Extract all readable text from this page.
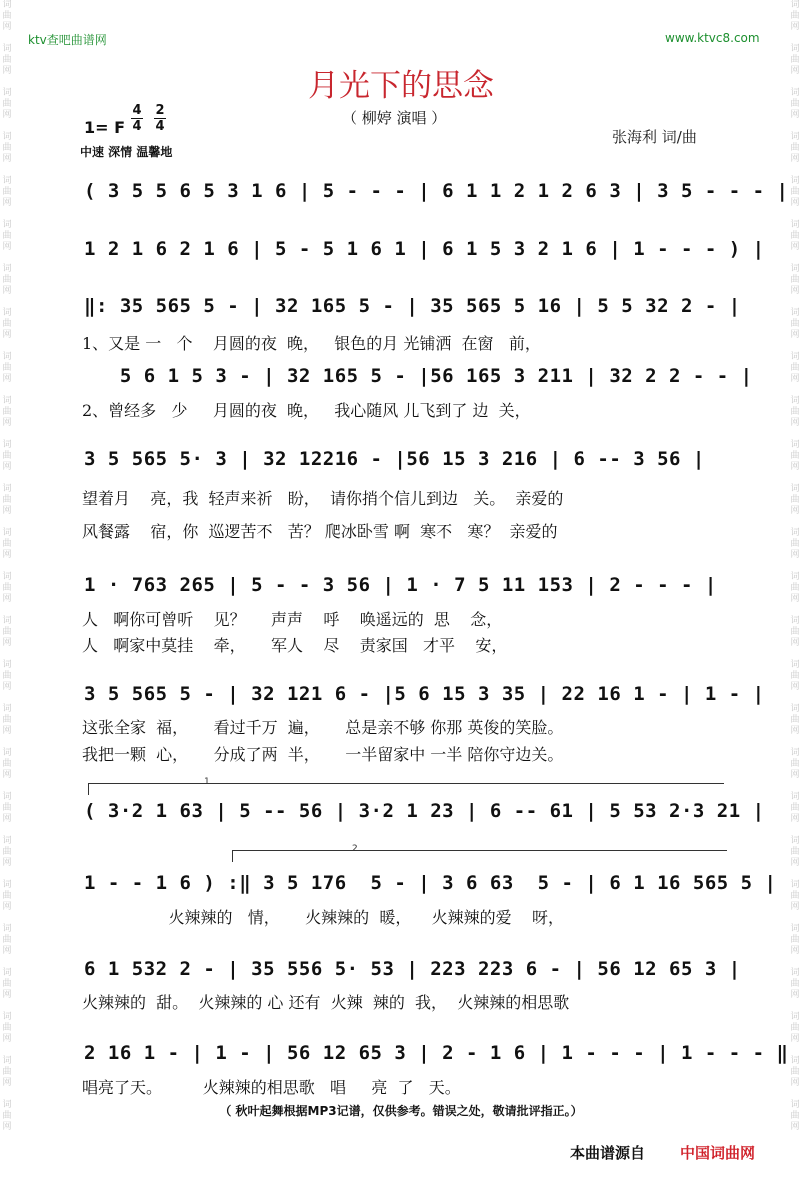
词
曲
网

词
曲
网

词
曲
网

词
曲
网

词
曲
网

词
曲
网

词
曲
网

词
曲
网

词
曲
网

词
曲
网

词
曲
网

词
曲
网

词
曲
网

词
曲
网

词
曲
网

词
曲
网

词
曲
网

词
曲
网

词
曲
网

词
曲
网

词
曲
网

词
曲
网

词
曲
网

词
曲
网

词
曲
网

词
曲
网
词
曲
网

词
曲
网

词
曲
网

词
曲
网

词
曲
网

词
曲
网

词
曲
网

词
曲
网

词
曲
网

词
曲
网

词
曲
网

词
曲
网

词
曲
网

词
曲
网

词
曲
网

词
曲
网

词
曲
网

词
曲
网

词
曲
网

词
曲
网

词
曲
网

词
曲
网

词
曲
网

词
曲
网

词
曲
网

词
曲
网
ktv查吧曲谱网	www.ktvc8.com
月光下的思念
（ 柳婷 演唱 ）
1= F
4
4
2
4
中速 深情 温馨地
张海利 词/曲
( 3 5 5 6 5 3 1 6 | 5 - - - | 6 1 1 2 1 2 6 3 | 3 5 - - - |
1 2 1 6 2 1 6 | 5 - 5 1 6 1 | 6 1 5 3 2 1 6 | 1 - - - ) |
‖: 35 565 5 - | 32 165 5 - | 35 565 5 16 | 5 5 32 2 - |
1、又是 一   个    月圆的夜  晚，   银色的月 光铺洒  在窗   前，
5 6 1 5 3 - | 32 165 5 - |56 165 3 211 | 32 2 2 - - |
2、曾经多   少     月圆的夜  晚，   我心随风 儿飞到了 边  关，
3 5 565 5· 3 | 32 12216 - |56 15 3 216 | 6 -- 3 56 |
望着月    亮，我  轻声来祈   盼，  请你捎个信儿到边   关。  亲爱的
风餐露    宿，你  巡逻苦不   苦？ 爬冰卧雪 啊  寒不   寒？  亲爱的
1 · 763 265 | 5 - - 3 56 | 1 · 7 5 11 153 | 2 - - - |
人   啊你可曾听    见？     声声    呼    唤遥远的  思    念，
人   啊家中莫挂    牵，     军人    尽    责家国   才平    安，
3 5 565 5 - | 32 121 6 - |5 6 15 3 35 | 22 16 1 - | 1 - |
这张全家  福，     看过千万  遍，     总是亲不够 你那 英俊的笑脸。
我把一颗  心，     分成了两  半，     一半留家中 一半 陪你守边关。
1
( 3·2 1 63 | 5 -- 56 | 3·2 1 23 | 6 -- 61 | 5 53 2·3 21 |
2
1 - - 1 6 ) :‖ 3 5 176  5 - | 3 6 63  5 - | 6 1 16 565 5 |
火辣辣的   情，     火辣辣的  暖，    火辣辣的爱    呀，
6 1 532 2 - | 35 556 5· 53 | 223 223 6 - | 56 12 65 3 |
火辣辣的  甜。  火辣辣的 心 还有  火辣  辣的  我，  火辣辣的相思歌
2 16 1 - | 1 - | 56 12 65 3 | 2 - 1 6 | 1 - - - | 1 - - - ‖
唱亮了天。        火辣辣的相思歌   唱     亮  了   天。
（ 秋叶起舞根据MP3记谱，仅供参考。错误之处，敬请批评指正。）
本曲谱源自 中国词曲网
